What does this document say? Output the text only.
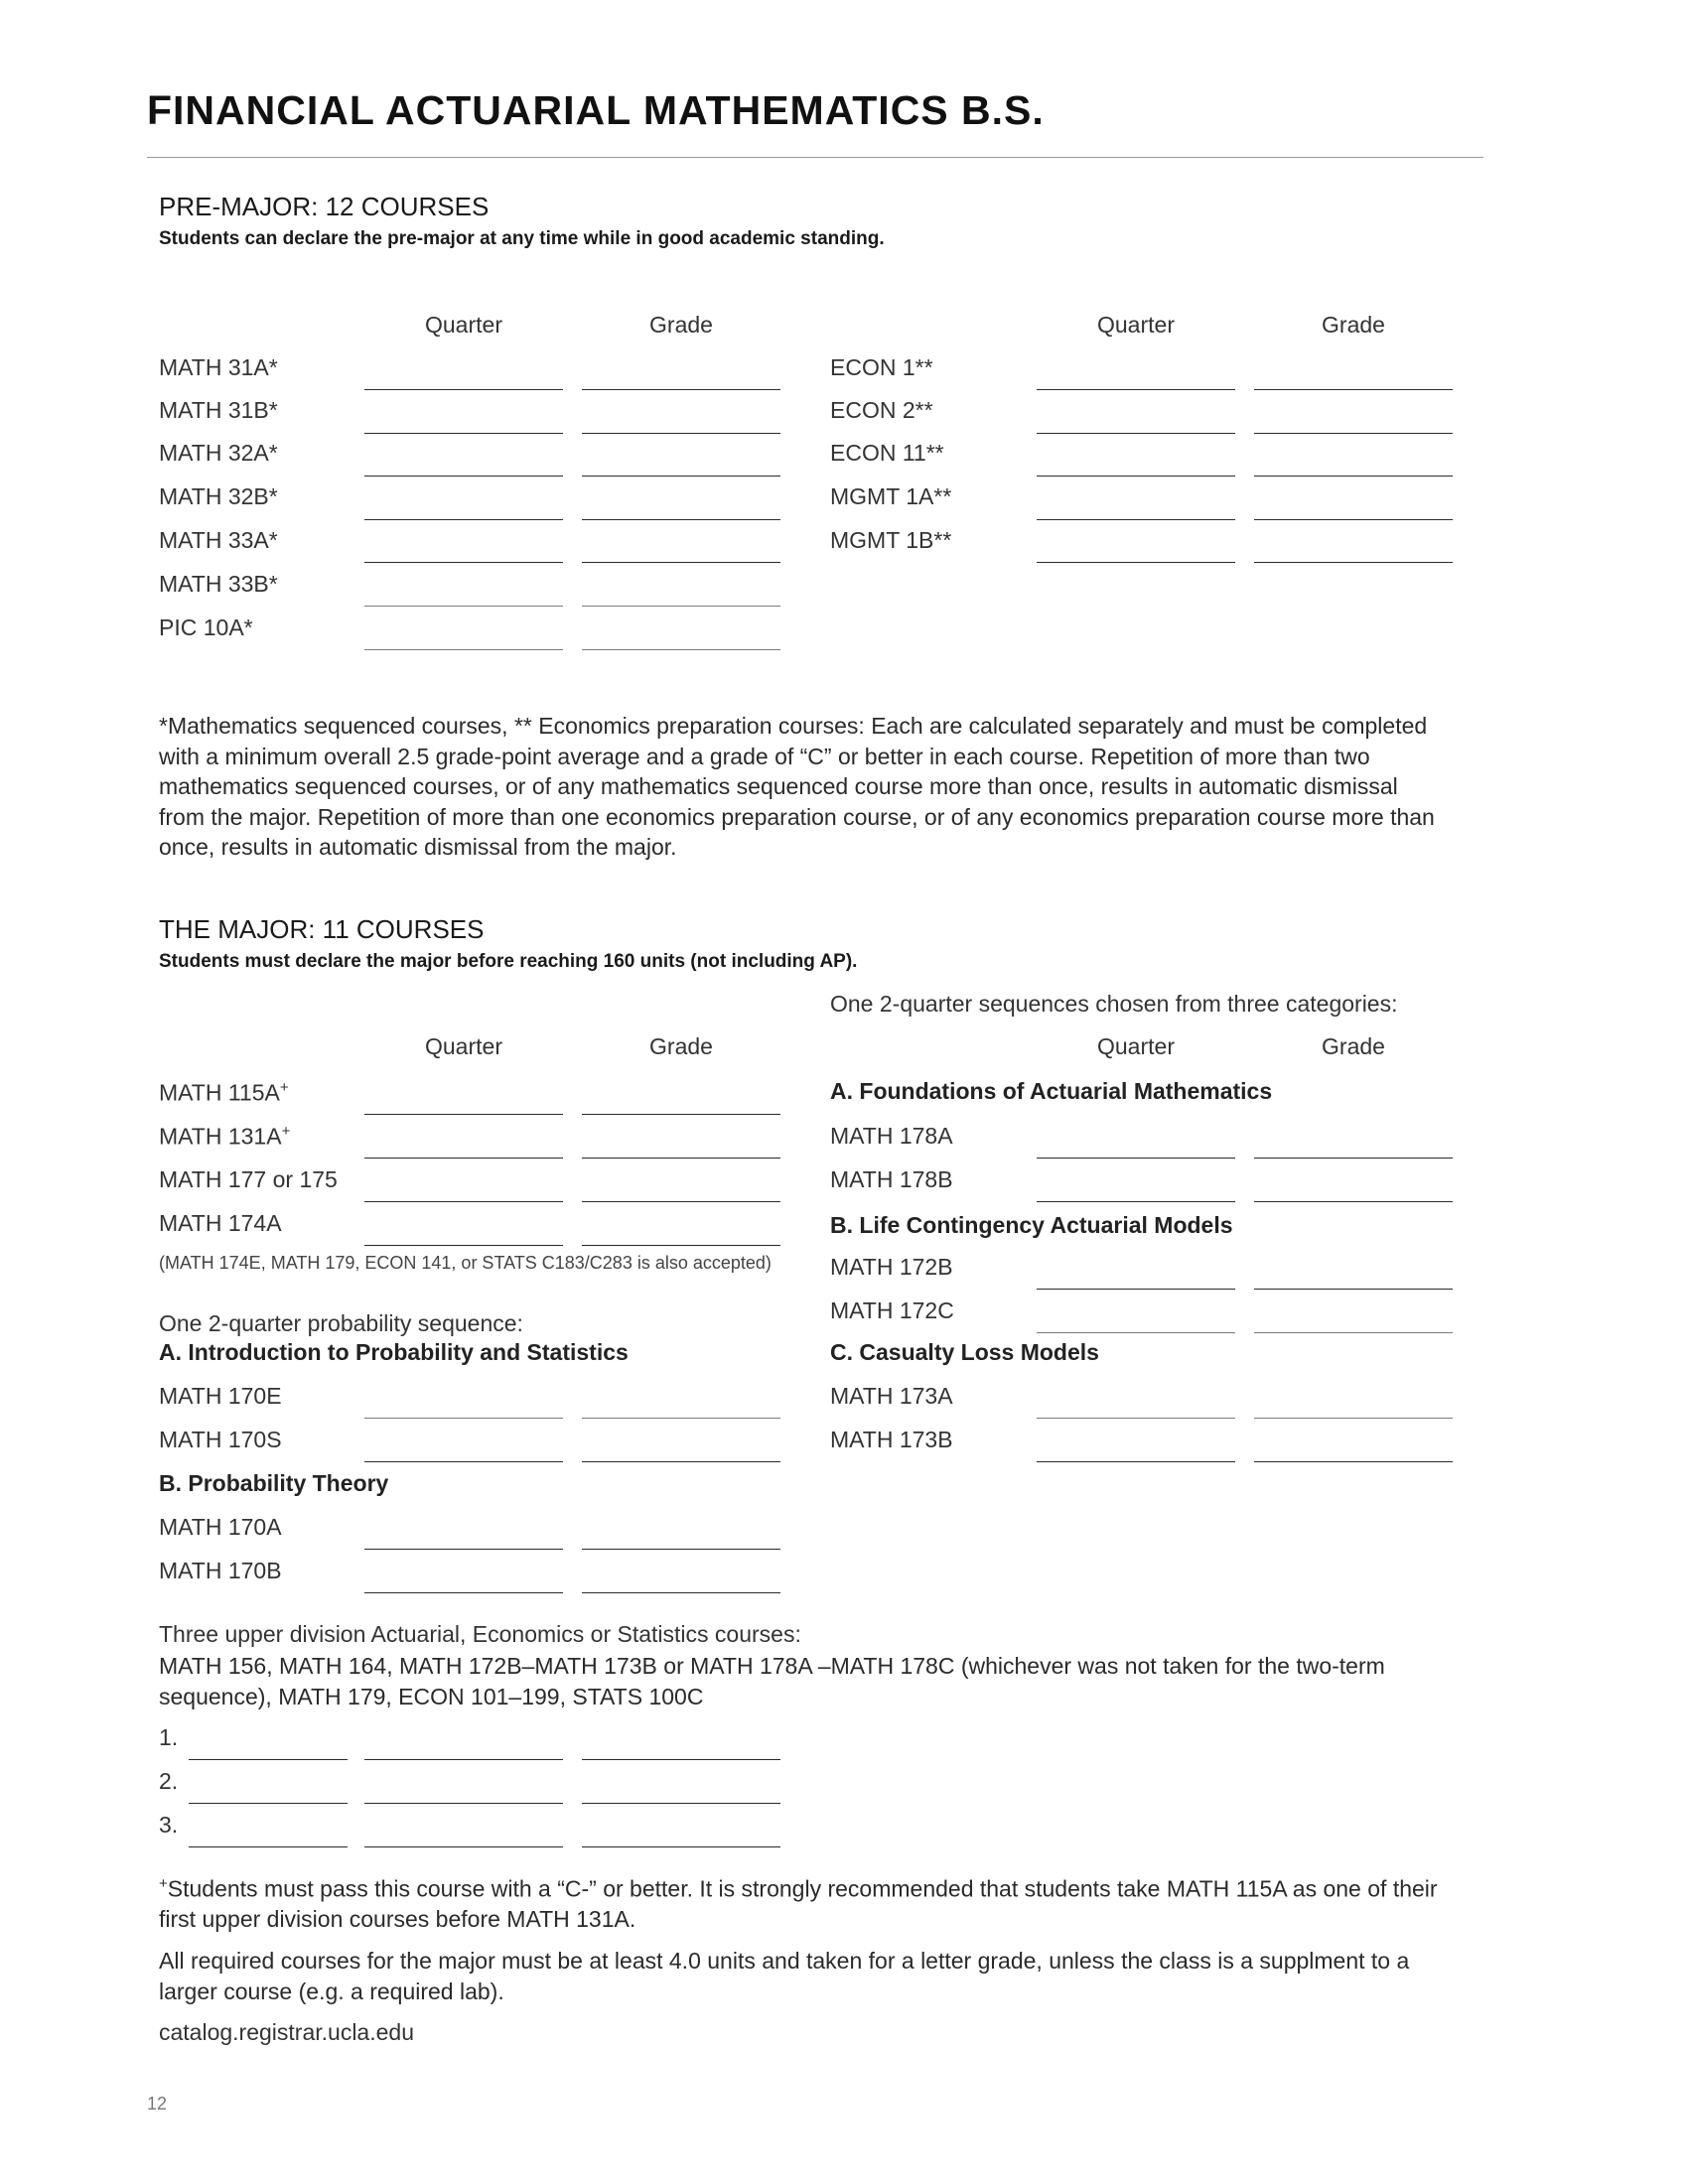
FINANCIAL ACTUARIAL MATHEMATICS B.S.
PRE-MAJOR: 12 COURSES
Students can declare the pre-major at any time while in good academic standing.
Quarter	Grade	Quarter	Grade
MATH 31A*
MATH 31B*
MATH 32A*
MATH 32B*
MATH 33A*
MATH 33B*
PIC 10A*
ECON 1**
ECON 2**
ECON 11**
MGMT 1A**
MGMT 1B**
*Mathematics sequenced courses, ** Economics preparation courses: Each are calculated separately and must be completed with a minimum overall 2.5 grade-point average and a grade of “C” or better in each course. Repetition of more than two mathematics sequenced courses, or of any mathematics sequenced course more than once, results in automatic dismissal from the major. Repetition of more than one economics preparation course, or of any economics preparation course more than once, results in automatic dismissal from the major.
THE MAJOR: 11 COURSES
Students must declare the major before reaching 160 units (not including AP).
One 2-quarter sequences chosen from three categories:
Quarter	Grade	Quarter	Grade
MATH 115A+
MATH 131A+
MATH 177 or 175
MATH 174A
(MATH 174E, MATH 179, ECON 141, or STATS C183/C283 is also accepted)
One 2-quarter probability sequence:
A. Introduction to Probability and Statistics
MATH 170E
MATH 170S
B. Probability Theory
MATH 170A
MATH 170B
A. Foundations of Actuarial Mathematics
MATH 178A
MATH 178B
B. Life Contingency Actuarial Models
MATH 172B
MATH 172C
C. Casualty Loss Models
MATH 173A
MATH 173B
Three upper division Actuarial, Economics or Statistics courses:
MATH 156, MATH 164, MATH 172B–MATH 173B or MATH 178A –MATH 178C (whichever was not taken for the two-term sequence), MATH 179, ECON 101–199, STATS 100C
1.
2.
3.
+Students must pass this course with a “C-” or better. It is strongly recommended that students take MATH 115A as one of their first upper division courses before MATH 131A.
All required courses for the major must be at least 4.0 units and taken for a letter grade, unless the class is a supplment to a larger course (e.g. a required lab).
catalog.registrar.ucla.edu
12
